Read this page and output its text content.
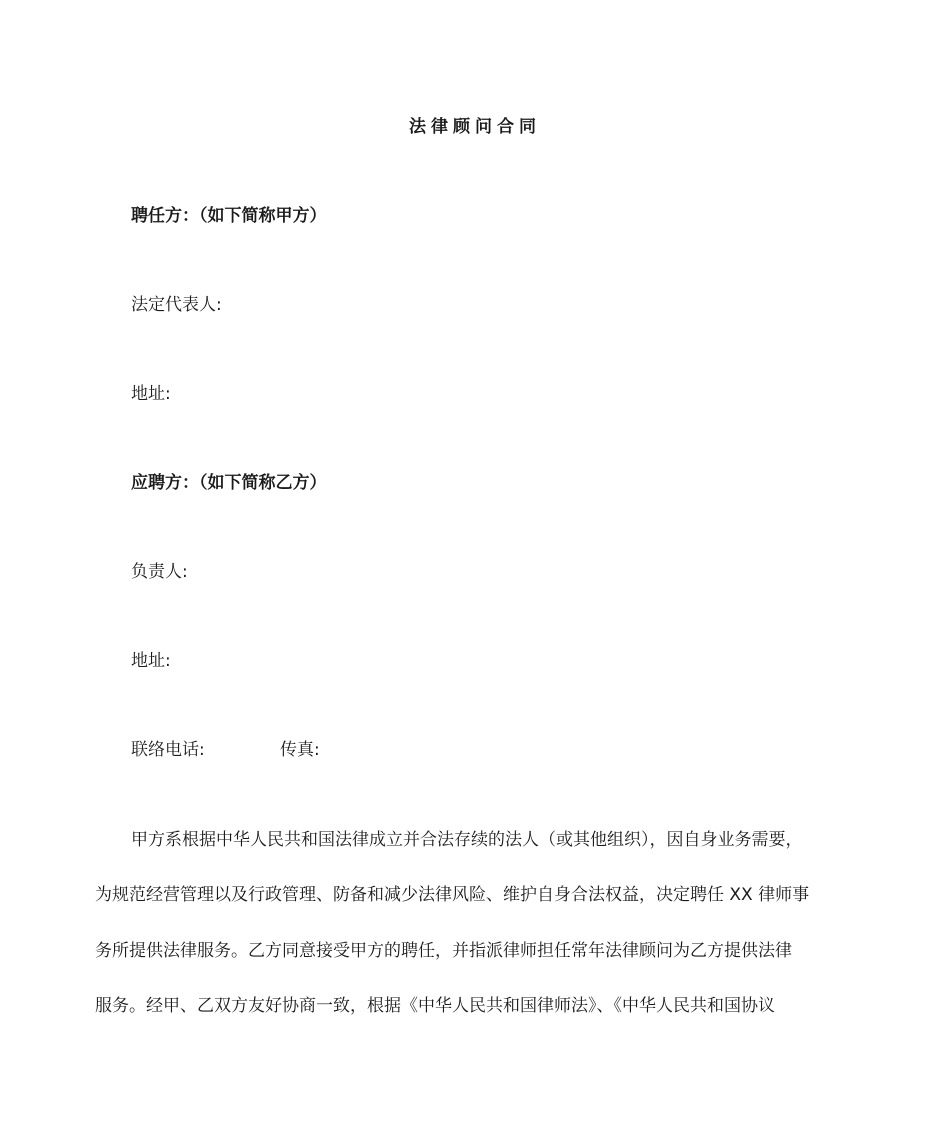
法律顾问合同
聘任方：（如下简称甲方）
法定代表人:
地址:
应聘方：（如下简称乙方）
负责人:
地址:
联络电话:	传真:
甲方系根据中华人民共和国法律成立并合法存续的法人（或其他组织），因自身业务需要，
为规范经营管理以及行政管理、防备和减少法律风险、维护自身合法权益，决定聘任 XX 律师事
务所提供法律服务。乙方同意接受甲方的聘任，并指派律师担任常年法律顾问为乙方提供法律
服务。经甲、乙双方友好协商一致，根据《中华人民共和国律师法》、《中华人民共和国协议
